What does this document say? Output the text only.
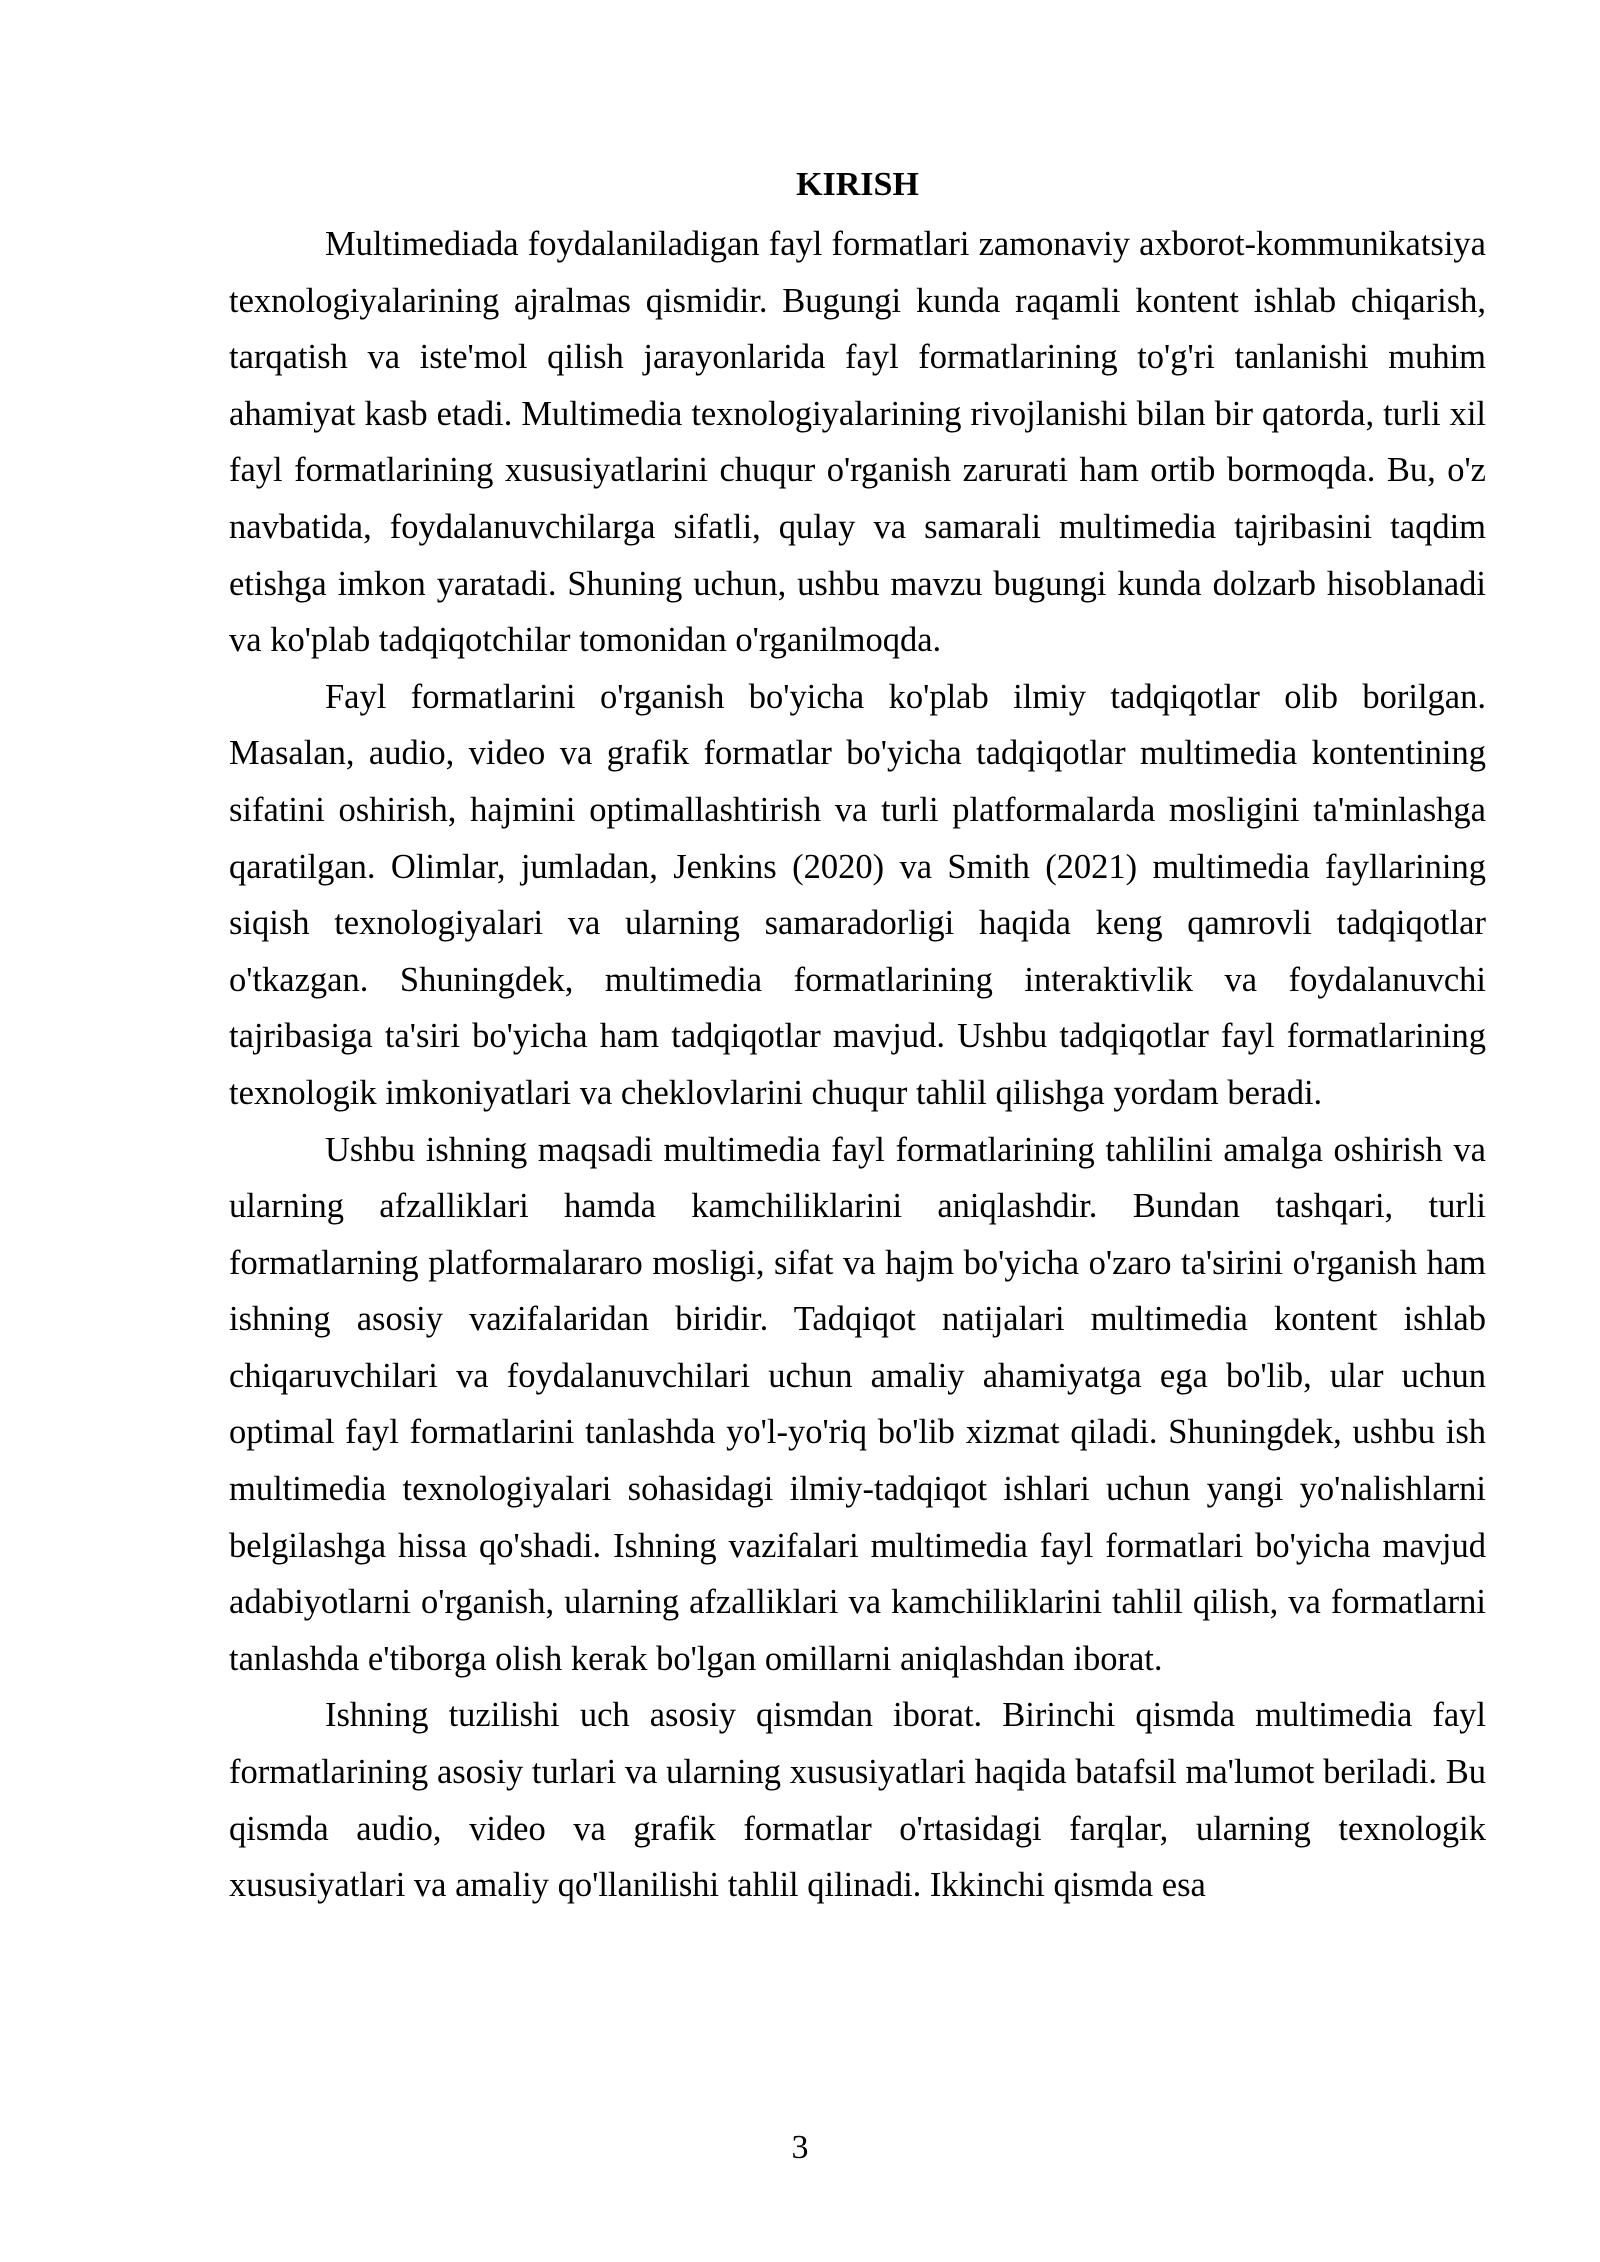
KIRISH

Multimediada foydalaniladigan fayl formatlari zamonaviy axborot-kommunikatsiya texnologiyalarining ajralmas qismidir. Bugungi kunda raqamli kontent ishlab chiqarish, tarqatish va iste'mol qilish jarayonlarida fayl formatlarining to'g'ri tanlanishi muhim ahamiyat kasb etadi. Multimedia texnologiyalarining rivojlanishi bilan bir qatorda, turli xil fayl formatlarining xususiyatlarini chuqur o'rganish zarurati ham ortib bormoqda. Bu, o'z navbatida, foydalanuvchilarga sifatli, qulay va samarali multimedia tajribasini taqdim etishga imkon yaratadi. Shuning uchun, ushbu mavzu bugungi kunda dolzarb hisoblanadi va ko'plab tadqiqotchilar tomonidan o'rganilmoqda.

Fayl formatlarini o'rganish bo'yicha ko'plab ilmiy tadqiqotlar olib borilgan. Masalan, audio, video va grafik formatlar bo'yicha tadqiqotlar multimedia kontentining sifatini oshirish, hajmini optimallashtirish va turli platformalarda mosligini ta'minlashga qaratilgan. Olimlar, jumladan, Jenkins (2020) va Smith (2021) multimedia fayllarining siqish texnologiyalari va ularning samaradorligi haqida keng qamrovli tadqiqotlar o'tkazgan. Shuningdek, multimedia formatlarining interaktivlik va foydalanuvchi tajribasiga ta'siri bo'yicha ham tadqiqotlar mavjud. Ushbu tadqiqotlar fayl formatlarining texnologik imkoniyatlari va cheklovlarini chuqur tahlil qilishga yordam beradi.

Ushbu ishning maqsadi multimedia fayl formatlarining tahlilini amalga oshirish va ularning afzalliklari hamda kamchiliklarini aniqlashdir. Bundan tashqari, turli formatlarning platformalararo mosligi, sifat va hajm bo'yicha o'zaro ta'sirini o'rganish ham ishning asosiy vazifalaridan biridir. Tadqiqot natijalari multimedia kontent ishlab chiqaruvchilari va foydalanuvchilari uchun amaliy ahamiyatga ega bo'lib, ular uchun optimal fayl formatlarini tanlashda yo'l-yo'riq bo'lib xizmat qiladi. Shuningdek, ushbu ish multimedia texnologiyalari sohasidagi ilmiy-tadqiqot ishlari uchun yangi yo'nalishlarni belgilashga hissa qo'shadi. Ishning vazifalari multimedia fayl formatlari bo'yicha mavjud adabiyotlarni o'rganish, ularning afzalliklari va kamchiliklarini tahlil qilish, va formatlarni tanlashda e'tiborga olish kerak bo'lgan omillarni aniqlashdan iborat.

Ishning tuzilishi uch asosiy qismdan iborat. Birinchi qismda multimedia fayl formatlarining asosiy turlari va ularning xususiyatlari haqida batafsil ma'lumot beriladi. Bu qismda audio, video va grafik formatlar o'rtasidagi farqlar, ularning texnologik xususiyatlari va amaliy qo'llanilishi tahlil qilinadi. Ikkinchi qismda esa

3
